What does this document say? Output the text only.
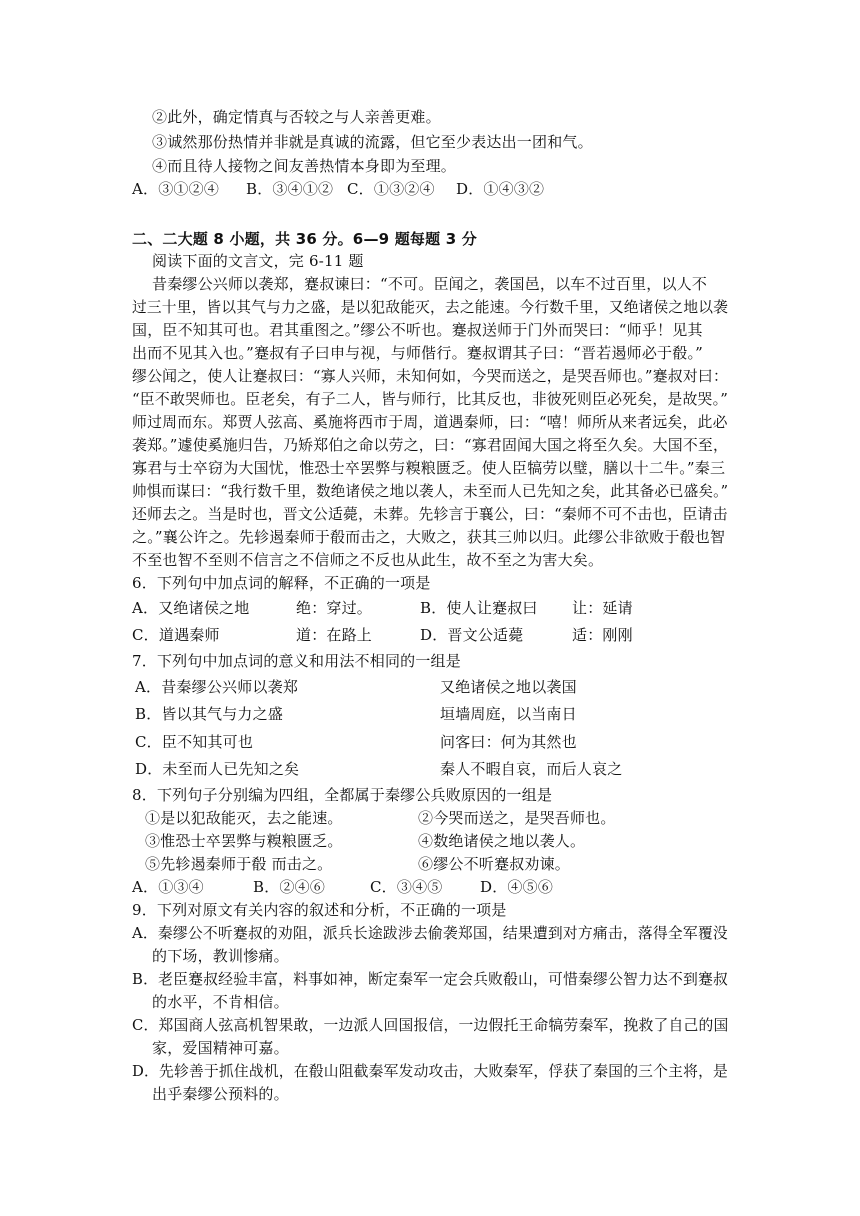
②此外，确定情真与否较之与人亲善更难。
③诚然那份热情并非就是真诚的流露，但它至少表达出一团和气。
④而且待人接物之间友善热情本身即为至理。
A．③①②④ B．③④①② C．①③②④ D．①④③②
二、二大题 8 小题，共 36 分。6—9 题每题 3 分
阅读下面的文言文，完 6-11 题
昔秦缪公兴师以袭郑，蹇叔谏曰：“不可。臣闻之，袭国邑，以车不过百里，以人不
过三十里，皆以其气与力之盛，是以犯敌能灭，去之能速。今行数千里，又绝诸侯之地以袭
国，臣不知其可也。君其重图之。”缪公不听也。蹇叔送师于门外而哭曰：“师乎！见其
出而不见其入也。”蹇叔有子曰申与视，与师偕行。蹇叔谓其子曰：“晋若遏师必于殽。”
缪公闻之，使人让蹇叔曰：“寡人兴师，未知何如，今哭而送之，是哭吾师也。”蹇叔对曰：
“臣不敢哭师也。臣老矣，有子二人，皆与师行，比其反也，非彼死则臣必死矣，是故哭。”
师过周而东。郑贾人弦高、奚施将西市于周，道遇秦师，曰：“嘻！师所从来者远矣，此必
袭郑。”遽使奚施归告，乃矫郑伯之命以劳之，曰：“寡君固闻大国之将至久矣。大国不至，
寡君与士卒窃为大国忧，惟恐士卒罢弊与糗粮匮乏。使人臣犒劳以璧，膳以十二牛。”秦三
帅惧而谋曰：“我行数千里，数绝诸侯之地以袭人，未至而人已先知之矣，此其备必已盛矣。”
还师去之。当是时也，晋文公适薨，未葬。先轸言于襄公，曰：“秦师不可不击也，臣请击
之。”襄公许之。先轸遏秦师于殽而击之，大败之，获其三帅以归。此缪公非欲败于殽也智
不至也智不至则不信言之不信师之不反也从此生，故不至之为害大矣。
6．下列句中加点词的解释，不正确的一项是
A．又绝诸侯之地	绝：穿过。	B．使人让蹇叔曰 让：延请
C．道遇秦师	道：在路上	D．晋文公适薨	适：刚刚
7．下列句中加点词的意义和用法不相同的一组是
A．昔秦缪公兴师以袭郑	又绝诸侯之地以袭国
B．皆以其气与力之盛	垣墙周庭，以当南日
C．臣不知其可也	问客曰：何为其然也
D．未至而人已先知之矣	秦人不暇自哀，而后人哀之
8．下列句子分别编为四组，全都属于秦缪公兵败原因的一组是
①是以犯敌能灭，去之能速。	②今哭而送之，是哭吾师也。
③惟恐士卒罢弊与糗粮匮乏。	④数绝诸侯之地以袭人。
⑤先轸遏秦师于殽 而击之。	⑥缪公不听蹇叔劝谏。
A．①③④	B．②④⑥	C．③④⑤	D．④⑤⑥
9．下列对原文有关内容的叙述和分析，不正确的一项是
A．秦缪公不听蹇叔的劝阻，派兵长途跋涉去偷袭郑国，结果遭到对方痛击，落得全军覆没
的下场，教训惨痛。
B．老臣蹇叔经验丰富，料事如神，断定秦军一定会兵败殽山，可惜秦缪公智力达不到蹇叔
的水平，不肯相信。
C．郑国商人弦高机智果敢，一边派人回国报信，一边假托王命犒劳秦军，挽救了自己的国
家，爱国精神可嘉。
D．先轸善于抓住战机，在殽山阻截秦军发动攻击，大败秦军，俘获了秦国的三个主将，是
出乎秦缪公预料的。
